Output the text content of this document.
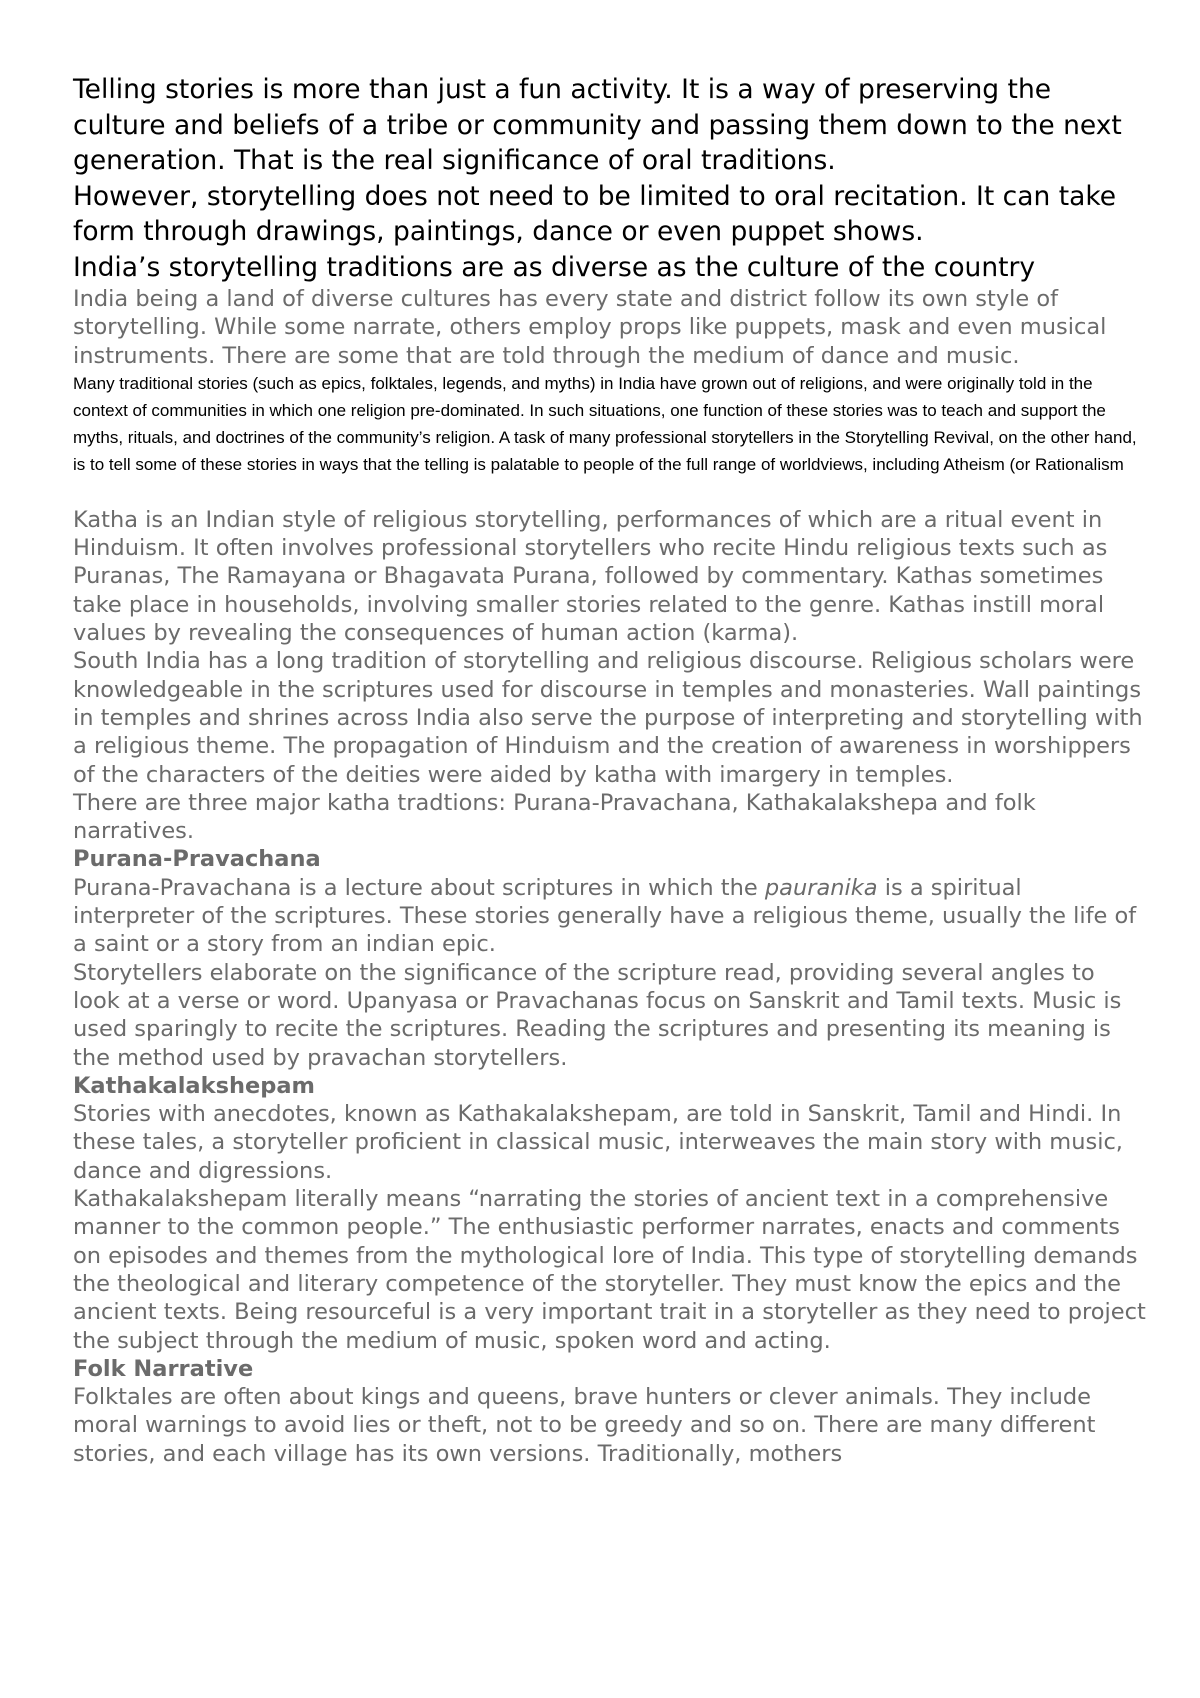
Telling stories is more than just a fun activity. It is a way of preserving the culture and beliefs of a tribe or community and passing them down to the next generation. That is the real significance of oral traditions.

However, storytelling does not need to be limited to oral recitation. It can take form through drawings, paintings, dance or even puppet shows.

India’s storytelling traditions are as diverse as the culture of the country

India being a land of diverse cultures has every state and district follow its own style of storytelling. While some narrate, others employ props like puppets, mask and even musical instruments. There are some that are told through the medium of dance and music.

Many traditional stories (such as epics, folktales, legends, and myths) in India have grown out of religions, and were originally told in the context of communities in which one religion pre-dominated. In such situations, one function of these stories was to teach and support the myths, rituals, and doctrines of the community’s religion. A task of many professional storytellers in the Storytelling Revival, on the other hand, is to tell some of these stories in ways that the telling is palatable to people of the full range of worldviews, including Atheism (or Rationalism

Katha is an Indian style of religious storytelling, performances of which are a ritual event in Hinduism. It often involves professional storytellers who recite Hindu religious texts such as Puranas, The Ramayana or Bhagavata Purana, followed by commentary. Kathas sometimes take place in households, involving smaller stories related to the genre. Kathas instill moral values by revealing the consequences of human action (karma).

South India has a long tradition of storytelling and religious discourse. Religious scholars were knowledgeable in the scriptures used for discourse in temples and monasteries. Wall paintings in temples and shrines across India also serve the purpose of interpreting and storytelling with a religious theme. The propagation of Hinduism and the creation of awareness in worshippers of the characters of the deities were aided by katha with imargery in temples.

There are three major katha tradtions: Purana-Pravachana, Kathakalakshepa and folk narratives.

Purana-Pravachana

Purana-Pravachana is a lecture about scriptures in which the pauranika is a spiritual interpreter of the scriptures. These stories generally have a religious theme, usually the life of a saint or a story from an indian epic.

Storytellers elaborate on the significance of the scripture read, providing several angles to look at a verse or word. Upanyasa or Pravachanas focus on Sanskrit and Tamil texts. Music is used sparingly to recite the scriptures. Reading the scriptures and presenting its meaning is the method used by pravachan storytellers.

Kathakalakshepam

Stories with anecdotes, known as Kathakalakshepam, are told in Sanskrit, Tamil and Hindi. In these tales, a storyteller proficient in classical music, interweaves the main story with music, dance and digressions.

Kathakalakshepam literally means “narrating the stories of ancient text in a comprehensive manner to the common people.” The enthusiastic performer narrates, enacts and comments on episodes and themes from the mythological lore of India. This type of storytelling demands the theological and literary competence of the storyteller. They must know the epics and the ancient texts. Being resourceful is a very important trait in a storyteller as they need to project the subject through the medium of music, spoken word and acting.

Folk Narrative

Folktales are often about kings and queens, brave hunters or clever animals. They include moral warnings to avoid lies or theft, not to be greedy and so on. There are many different stories, and each village has its own versions. Traditionally, mothers
